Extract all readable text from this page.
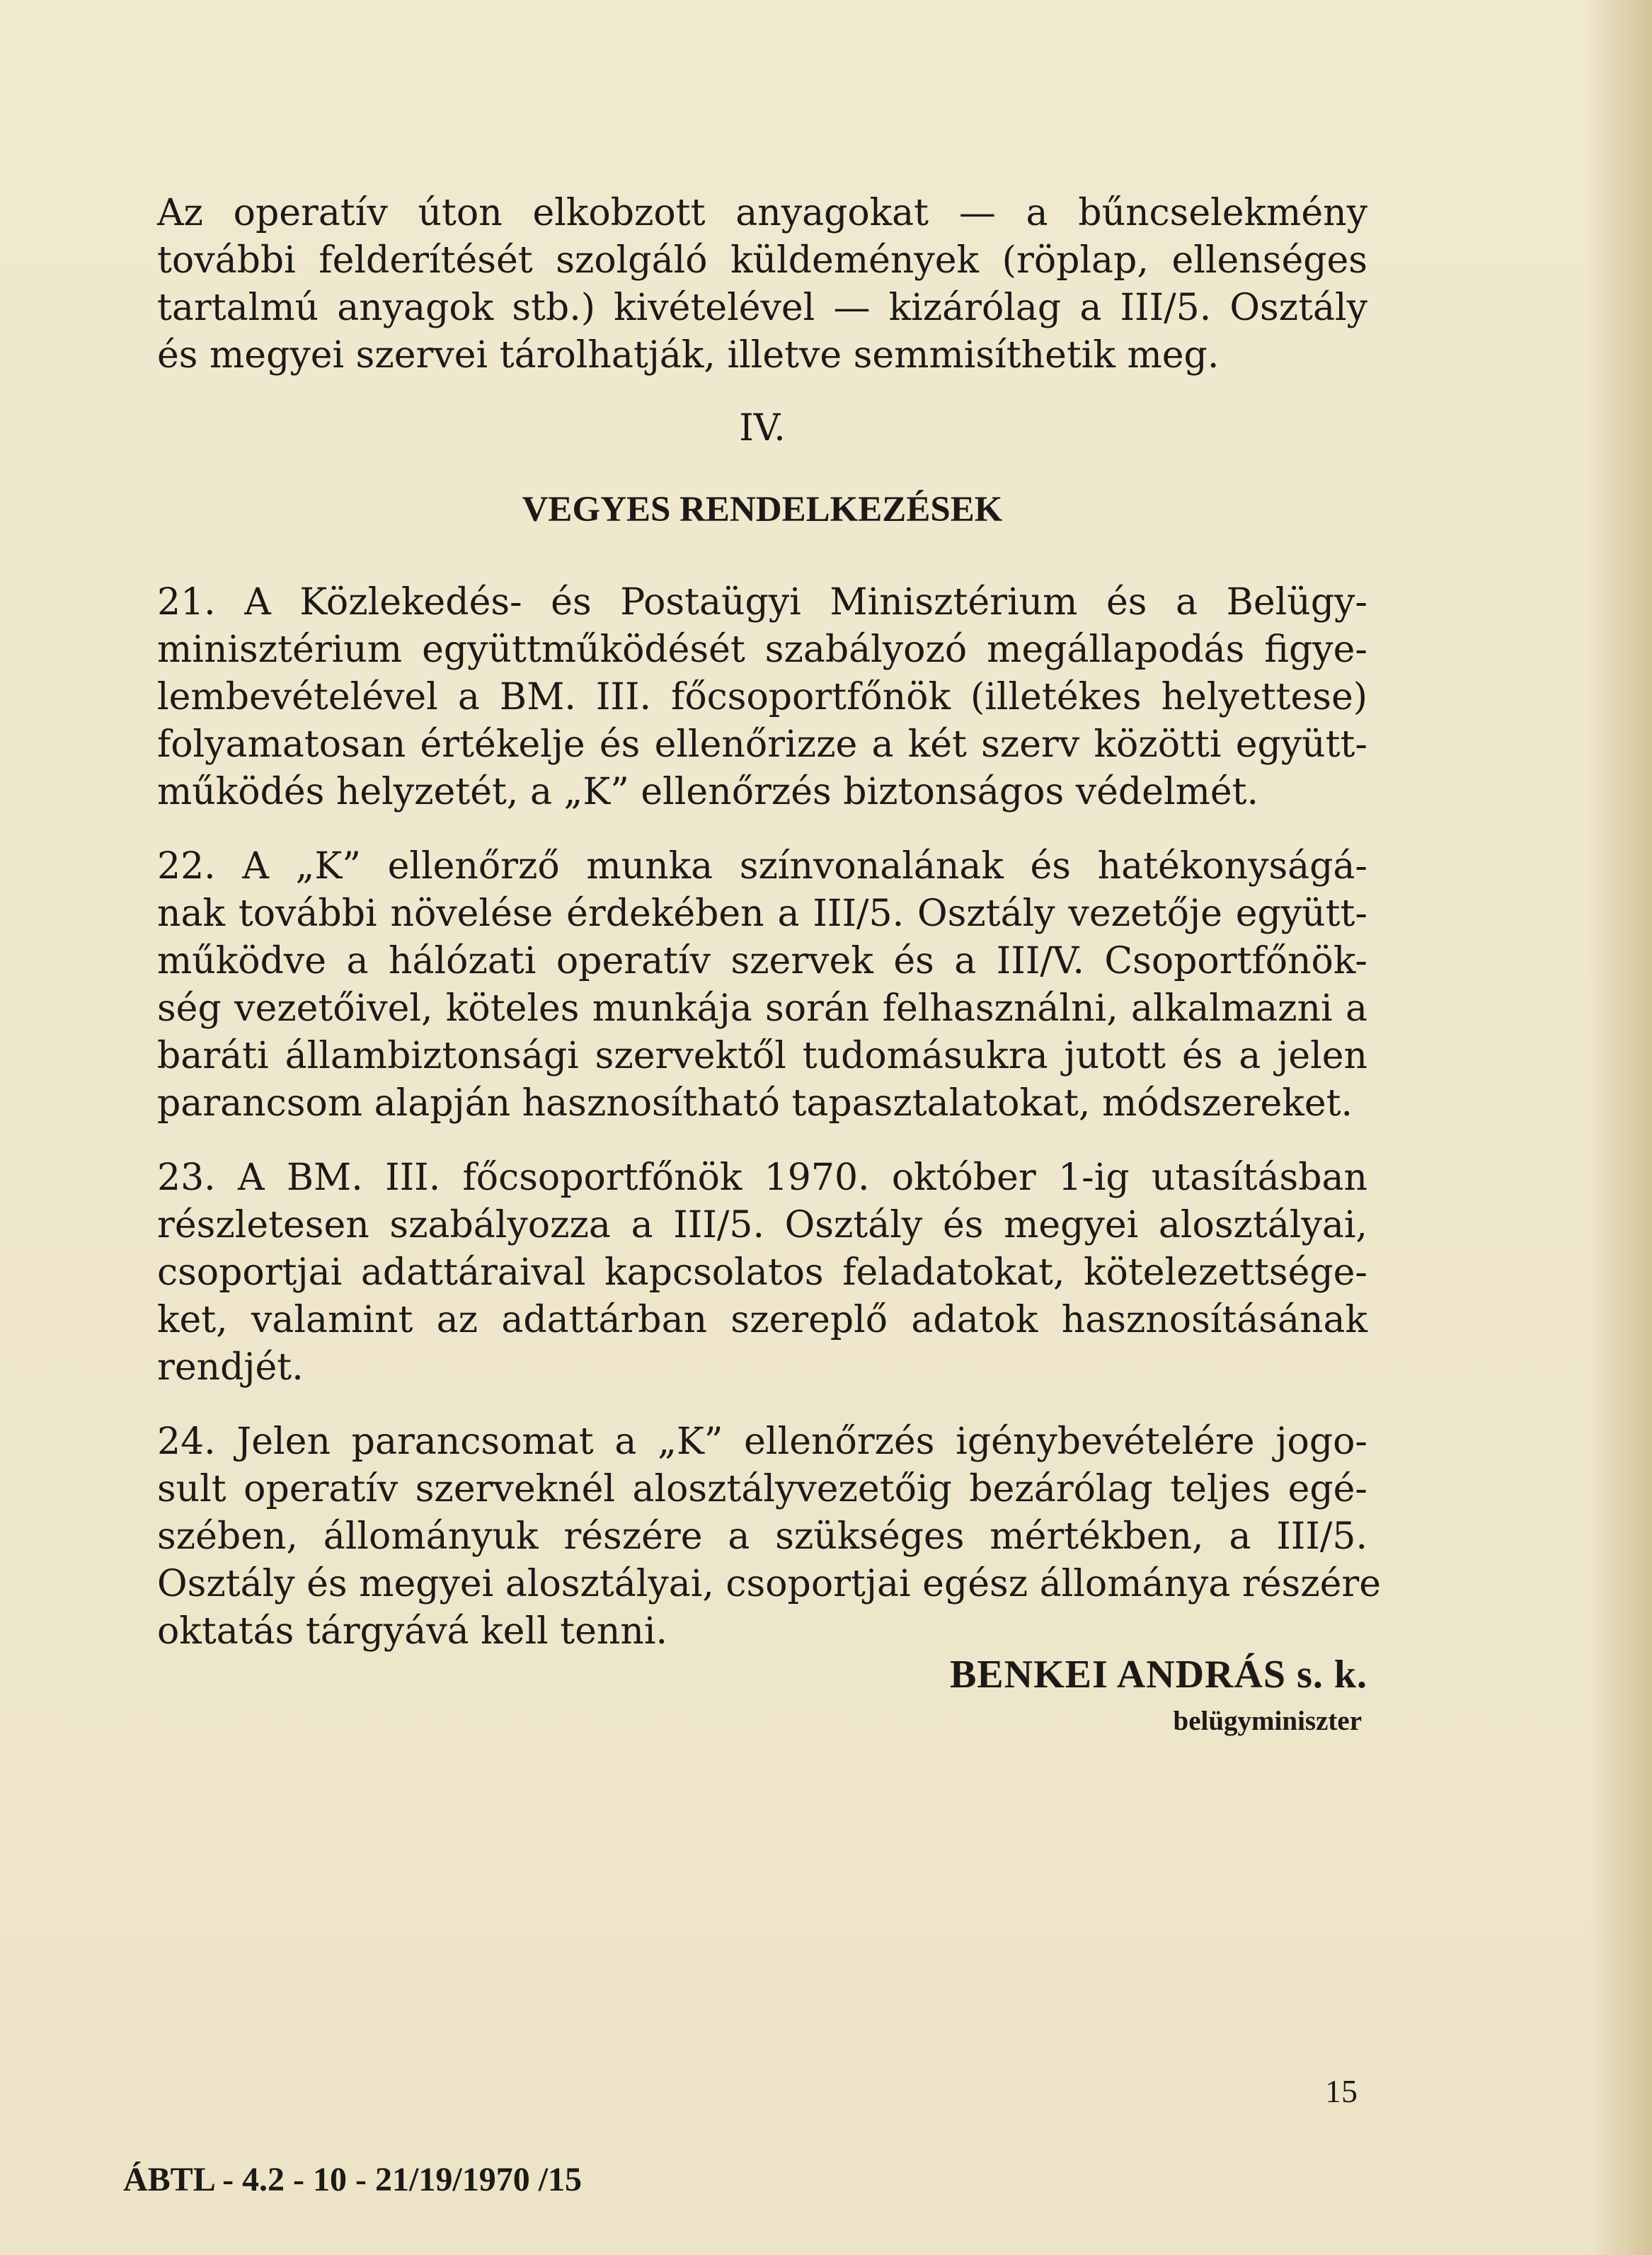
Az operatív úton elkobzott anyagokat — a bűncselekmény
további felderítését szolgáló küldemények (röplap, ellenséges
tartalmú anyagok stb.) kivételével — kizárólag a III/5. Osztály
és megyei szervei tárolhatják, illetve semmisíthetik meg.
IV.
VEGYES RENDELKEZÉSEK
21. A Közlekedés- és Postaügyi Minisztérium és a Belügy-
minisztérium együttműködését szabályozó megállapodás figye-
lembevételével a BM. III. főcsoportfőnök (illetékes helyettese)
folyamatosan értékelje és ellenőrizze a két szerv közötti együtt-
működés helyzetét, a „K” ellenőrzés biztonságos védelmét.
22. A „K” ellenőrző munka színvonalának és hatékonyságá-
nak további növelése érdekében a III/5. Osztály vezetője együtt-
működve a hálózati operatív szervek és a III/V. Csoportfőnök-
ség vezetőivel, köteles munkája során felhasználni, alkalmazni a
baráti állambiztonsági szervektől tudomásukra jutott és a jelen
parancsom alapján hasznosítható tapasztalatokat, módszereket.
23. A BM. III. főcsoportfőnök 1970. október 1-ig utasításban
részletesen szabályozza a III/5. Osztály és megyei alosztályai,
csoportjai adattáraival kapcsolatos feladatokat, kötelezettsége-
ket, valamint az adattárban szereplő adatok hasznosításának
rendjét.
24. Jelen parancsomat a „K” ellenőrzés igénybevételére jogo-
sult operatív szerveknél alosztályvezetőig bezárólag teljes egé-
szében, állományuk részére a szükséges mértékben, a III/5.
Osztály és megyei alosztályai, csoportjai egész állománya részére
oktatás tárgyává kell tenni.
BENKEI ANDRÁS s. k.
belügyminiszter
15
ÁBTL - 4.2 - 10 - 21/19/1970 /15
